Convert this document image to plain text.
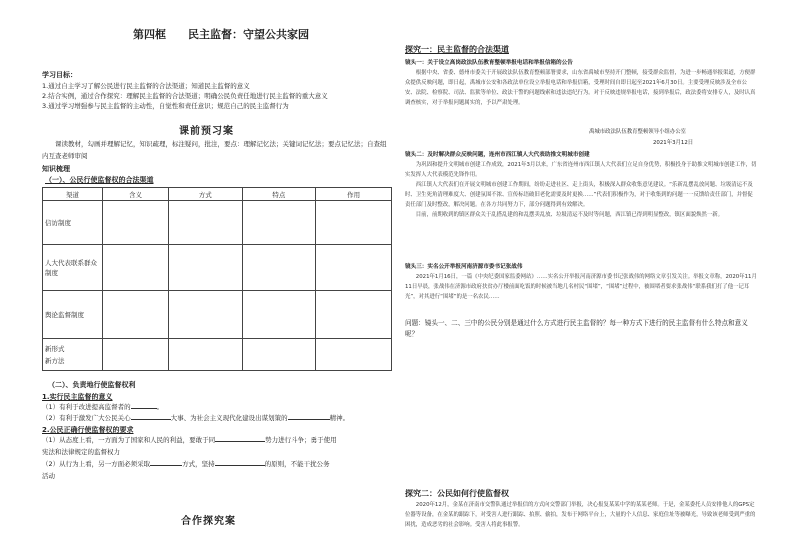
第四框　　民主监督：守望公共家园
学习目标：
1.通过自主学习了解公民进行民主监督的合法渠道；知道民主监督的意义
2.结合实例，通过合作探究：理解民主监督的合法渠道；明确公民负责任地进行民主监督的重大意义
3.通过学习增强参与民主监督的主动性，自觉性和责任意识；规范自己的民主监督行为
课前预习案
　　课读教材，勾画并理解记忆，知识疏理，标注疑问，批注，要点：理解记忆法；关键词记忆法；要点记忆法；自查组
内互查老师审阅
知识梳理
（一）、公民行使监督权的合法渠道
渠道	含义	方式	特点	作用
信访制度				
人大代表联系群众制度				
舆论监督制度				
新形式
新方法				
（二）、负责地行使监督权利
1.实行民主监督的意义
（1）有利于改进提高监督者的	。
（2）有利于激发广大公民关心	大事、为社会主义现代化建设出谋划策的	精神。
2.公民正确行使监督权的要求
（1）从态度上看，一方面为了国家和人民的利益，要敢于同	势力进行斗争；勇于使用
宪法和法律规定的监督权力
（2）从行为上看，另一方面必须采取	方式，坚持	的原则，不能干扰公务
活动
合作探究案
探究一：民主监督的合法渠道
镜头一：关于设立高岗政法队伍教育整顿举报电话和举报信箱的公告
　　根据中央、省委、德州市委关于开展政法队伍教育整顿部署要求，山东省禹城市坚持开门整顿，接受群众监督，为进一步畅通举报渠道，方便群众提供反映问题，即日起，禹城市公安和各政法单位设立举报电话和举报信箱，受理时间自即日起至2021年6月30日。主要受理反映涉及全市公安、法院、检察院、司法、监狱等单位、政法干警的问题线索和违法违纪行为。对于反映违规举报电话，接到举报后，政法委将安排专人，及时认真调查核实，对于举报问题属实的，予以严肃处理。
禹城市政法队伍教育整顿领导小组办公室
2021年3月12日
镜头二：及时解决群众反映问题，连州市西江镇人大代表助推文明城市创建
　　为巩固和提升文明城市创建工作成效，2021年3月以来，广东省连州市西江镇人大代表们立足自身优势，积极投身于助推文明城市创建工作，切实发挥人大代表模范先锋作用。
　　西江镇人大代表们在开展文明城市创建工作期间，纷纷走进社区、走上街头，积极深入群众收集意见建议。“乐新乱摆乱放问题、垃圾清运不及时、卫生死角清理难度大、创建氛围不浓、宣传标语破旧老化需要及时更换……”代表们积极作为，对于收集到的问题一一反馈给责任部门，并督促责任部门及时整改，解决问题。在各方共同努力下，部分问题得到有效解决。
　　目前，前期收到的镇区群众关于乱搭乱建的和乱摆卖乱放、垃圾清运不及时等问题，西江镇已得到明显整改，镇区面貌焕然一新。
镜头三：实名公开举报河南济源市委书记张战伟
　　2021年1月16日，一篇《中央纪委国家监委网站》……实名公开举报河南济源市委书记张战伟的网络文章引发关注。举报文章称，2020年11月11日早晨，张战伟在济源市政府扶贫办厅楼前面吃饭的时候被当地几名村民“围堵”，“围堵”过程中，被围堵者要求张战伟“联系我们打了他一记耳光”，对其进行“围堵”的是一名农民……
问题：镜头一、二、三中的公民分别是通过什么方式进行民主监督的？每一种方式下进行的民主监督有什么特点和意义呢？
探究二：公民如何行使监督权
　　2020年12月，金某在济南市交警队通过举报信的方式向交警部门举报，决心报复某某中学的某某老师。于是，金某委托人员安排他人的GPS定位器等设备，在金某的跟踪下，对受害人进行跟踪、拍照、偷拍，发布于网络平台上，大量的个人信息、家庭住址等被曝光，导致该老师受到严重的困扰，造成恶劣的社会影响。受害人将此事报警。
